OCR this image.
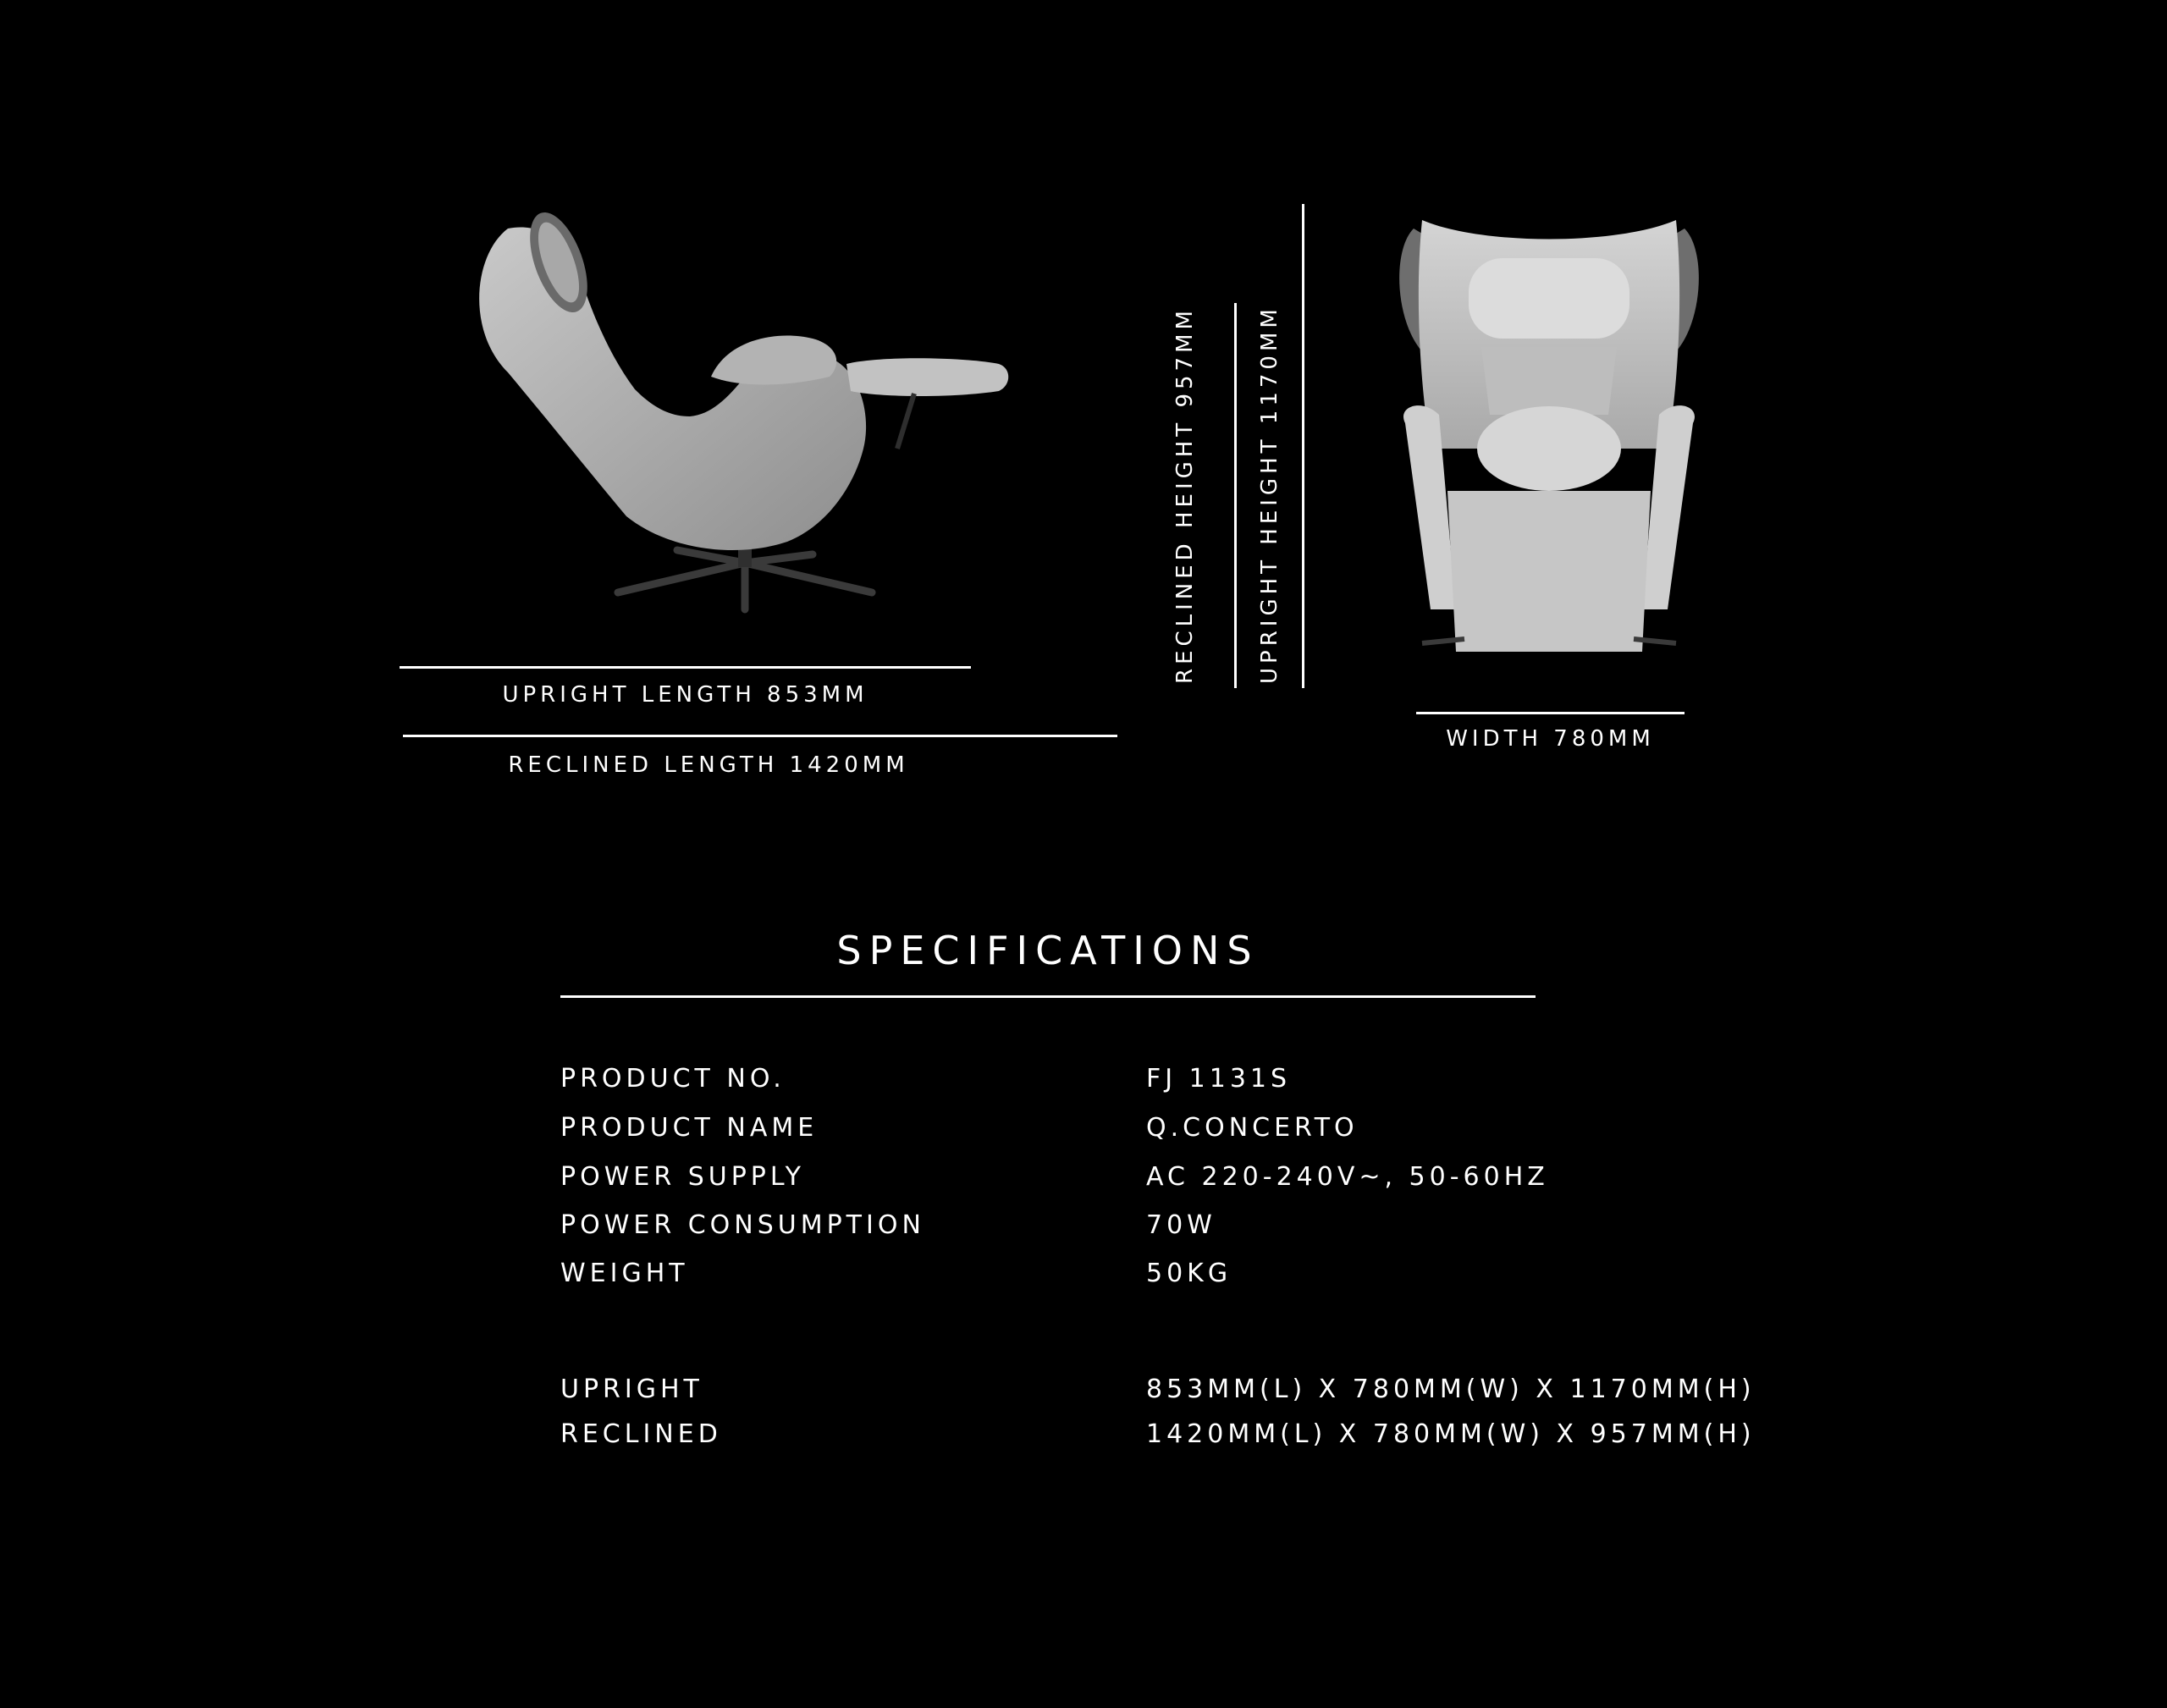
UPRIGHT LENGTH 853MM
RECLINED LENGTH 1420MM
RECLINED HEIGHT 957MM	UPRIGHT HEIGHT 1170MM
WIDTH 780MM
SPECIFICATIONS
PRODUCT NO.	FJ 1131S
PRODUCT NAME	Q.CONCERTO
POWER SUPPLY	AC 220-240V~, 50-60HZ
POWER CONSUMPTION	70W
WEIGHT	50KG
UPRIGHT	853MM(L) X 780MM(W) X 1170MM(H)
RECLINED	1420MM(L) X 780MM(W) X 957MM(H)
